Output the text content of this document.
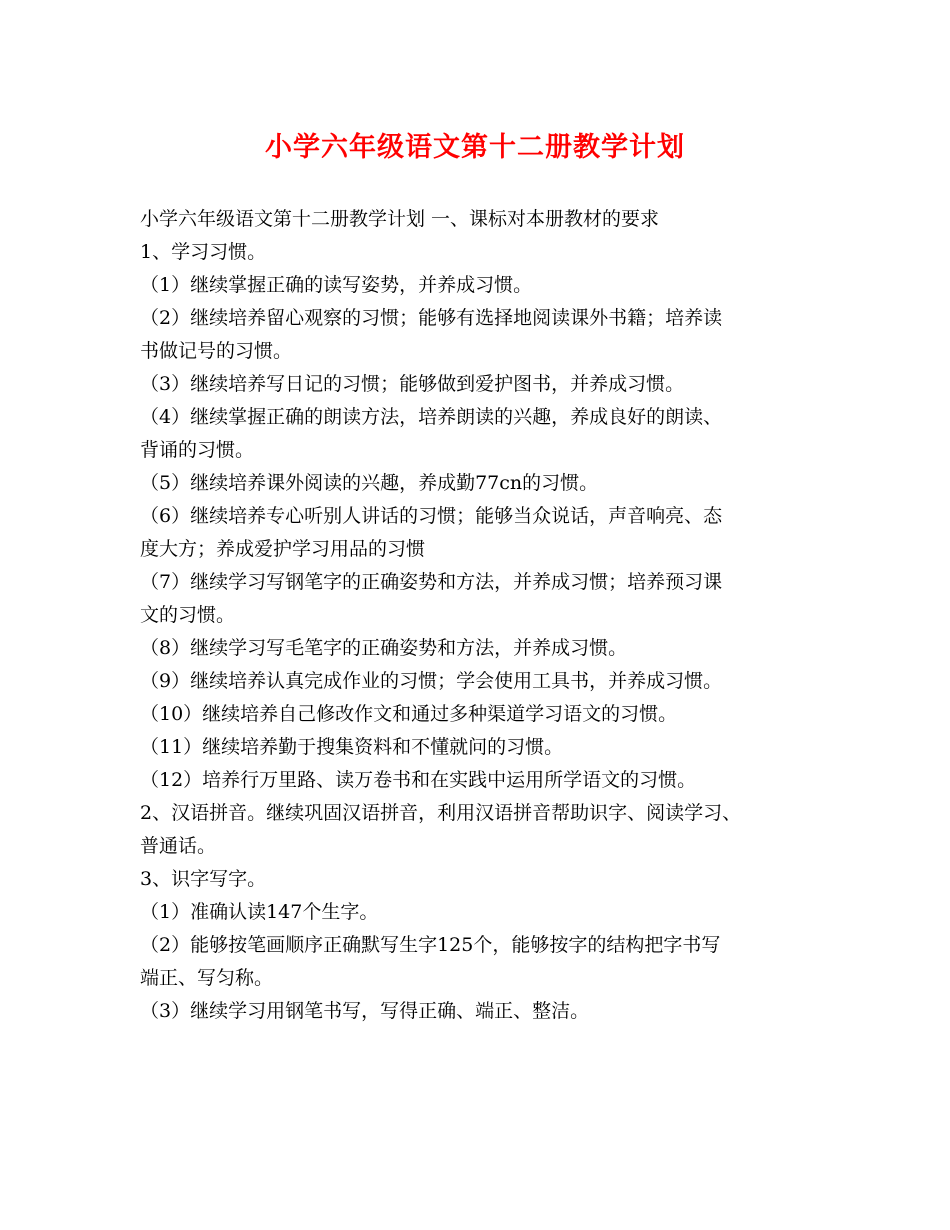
小学六年级语文第十二册教学计划
小学六年级语文第十二册教学计划 一、课标对本册教材的要求
1、学习习惯。
（1）继续掌握正确的读写姿势，并养成习惯。
（2）继续培养留心观察的习惯；能够有选择地阅读课外书籍；培养读
书做记号的习惯。
（3）继续培养写日记的习惯；能够做到爱护图书，并养成习惯。
（4）继续掌握正确的朗读方法，培养朗读的兴趣，养成良好的朗读、
背诵的习惯。
（5）继续培养课外阅读的兴趣，养成勤77cn的习惯。
（6）继续培养专心听别人讲话的习惯；能够当众说话，声音响亮、态
度大方；养成爱护学习用品的习惯
（7）继续学习写钢笔字的正确姿势和方法，并养成习惯；培养预习课
文的习惯。
（8）继续学习写毛笔字的正确姿势和方法，并养成习惯。
（9）继续培养认真完成作业的习惯；学会使用工具书，并养成习惯。
（10）继续培养自己修改作文和通过多种渠道学习语文的习惯。
（11）继续培养勤于搜集资料和不懂就问的习惯。
（12）培养行万里路、读万卷书和在实践中运用所学语文的习惯。
2、汉语拼音。继续巩固汉语拼音，利用汉语拼音帮助识字、阅读学习、
普通话。
3、识字写字。
（1）准确认读147个生字。
（2）能够按笔画顺序正确默写生字125个，能够按字的结构把字书写
端正、写匀称。
（3）继续学习用钢笔书写，写得正确、端正、整洁。
